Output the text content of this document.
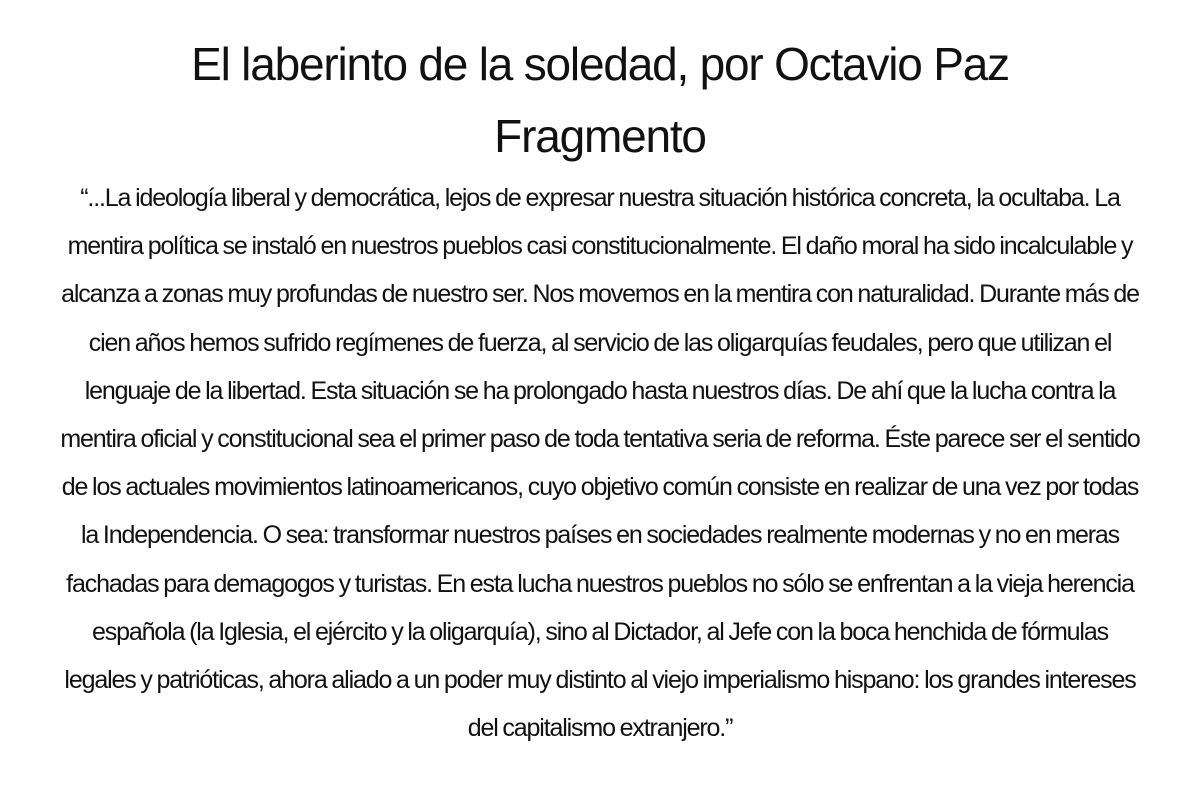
El laberinto de la soledad, por Octavio Paz
Fragmento

“...La ideología liberal y democrática, lejos de expresar nuestra situación histórica concreta, la ocultaba. La mentira política se instaló en nuestros pueblos casi constitucionalmente. El daño moral ha sido incalculable y alcanza a zonas muy profundas de nuestro ser. Nos movemos en la mentira con naturalidad. Durante más de cien años hemos sufrido regímenes de fuerza, al servicio de las oligarquías feudales, pero que utilizan el lenguaje de la libertad. Esta situación se ha prolongado hasta nuestros días. De ahí que la lucha contra la mentira oficial y constitucional sea el primer paso de toda tentativa seria de reforma. Éste parece ser el sentido de los actuales movimientos latinoamericanos, cuyo objetivo común consiste en realizar de una vez por todas la Independencia. O sea: transformar nuestros países en sociedades realmente modernas y no en meras fachadas para demagogos y turistas. En esta lucha nuestros pueblos no sólo se enfrentan a la vieja herencia española (la Iglesia, el ejército y la oligarquía), sino al Dictador, al Jefe con la boca henchida de fórmulas legales y patrióticas, ahora aliado a un poder muy distinto al viejo imperialismo hispano: los grandes intereses del capitalismo extranjero.”
